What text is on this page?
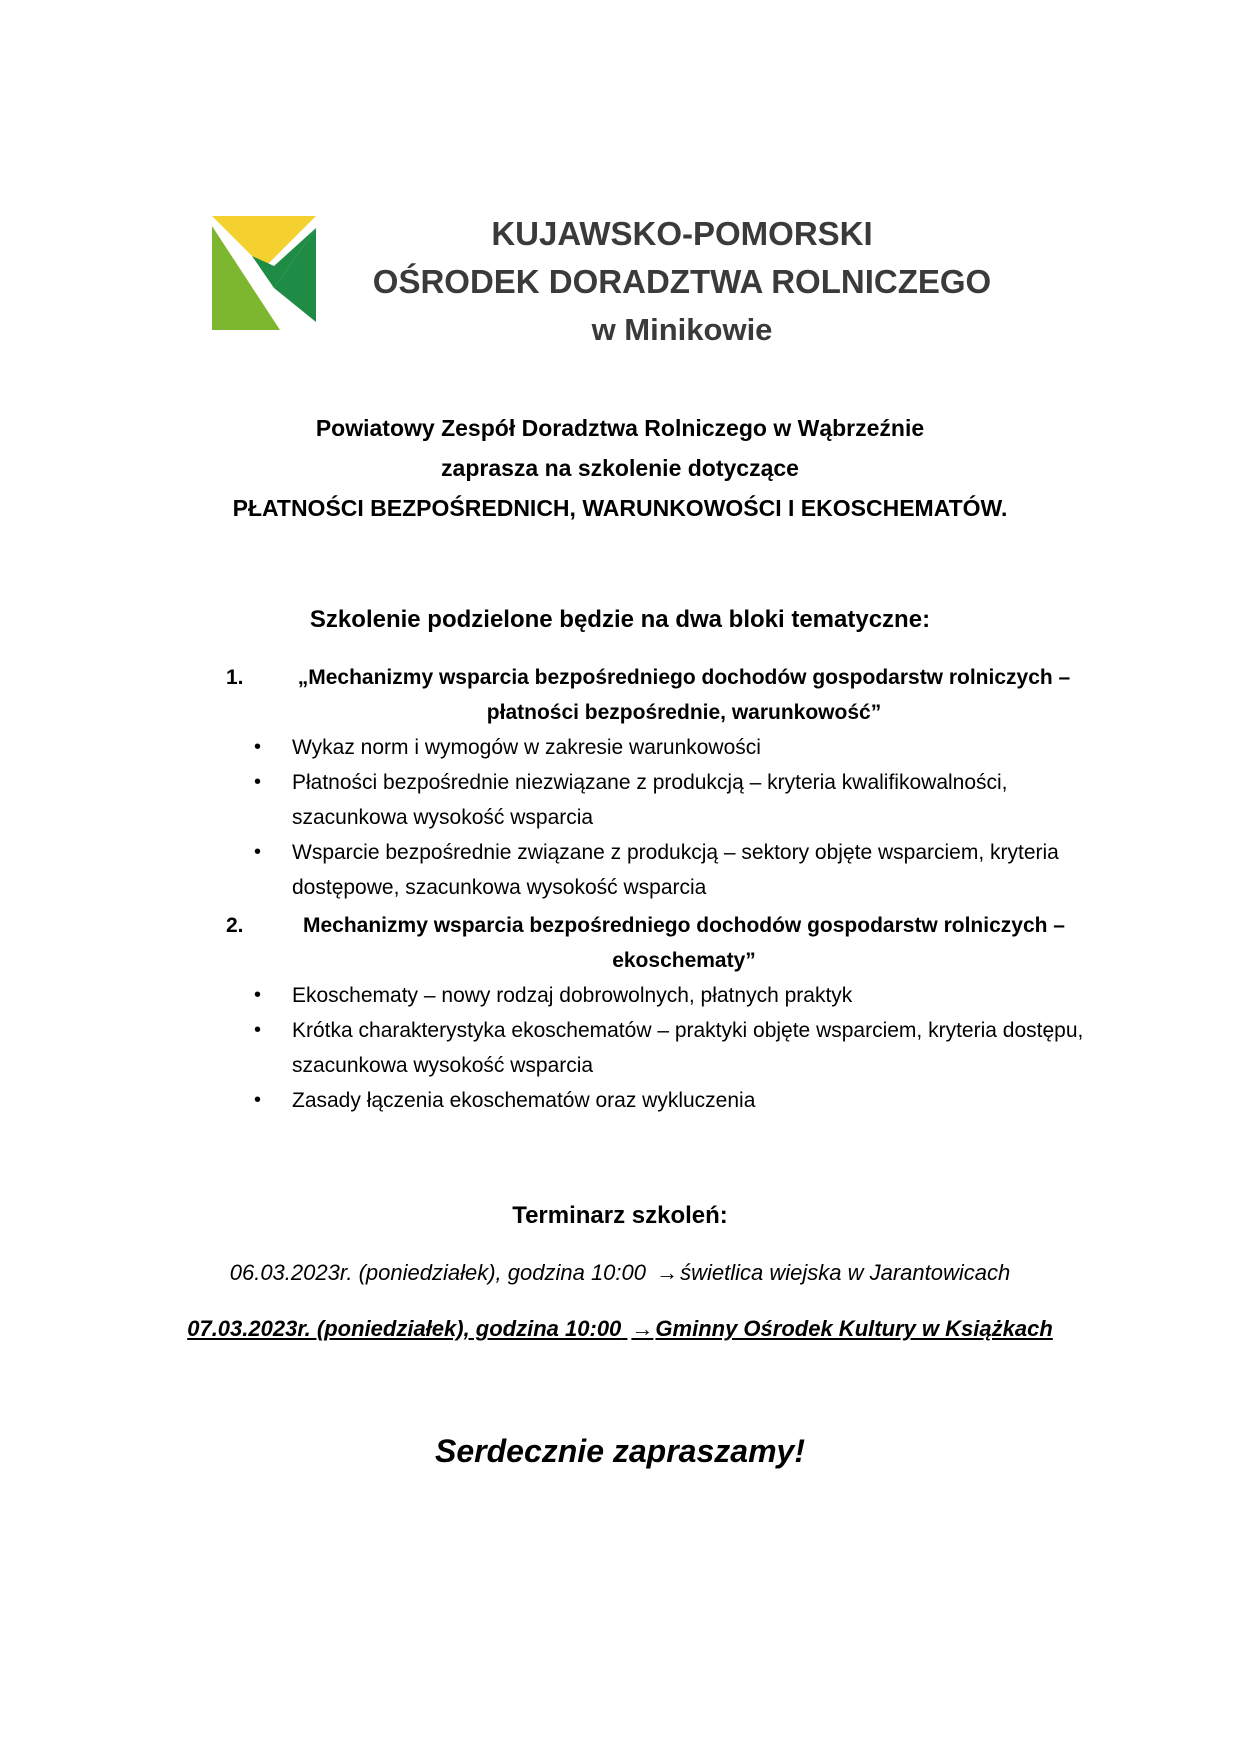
KUJAWSKO-POMORSKI
OŚRODEK DORADZTWA ROLNICZEGO
w Minikowie
Powiatowy Zespół Doradztwa Rolniczego w Wąbrzeźnie
zaprasza na szkolenie dotyczące
PŁATNOŚCI BEZPOŚREDNICH, WARUNKOWOŚCI I EKOSCHEMATÓW.
Szkolenie podzielone będzie na dwa bloki tematyczne:
1.	„Mechanizmy wsparcia bezpośredniego dochodów gospodarstw rolniczych –
płatności bezpośrednie, warunkowość”
• Wykaz norm i wymogów w zakresie warunkowości
• Płatności bezpośrednie niezwiązane z produkcją – kryteria kwalifikowalności, szacunkowa wysokość wsparcia
• Wsparcie bezpośrednie związane z produkcją – sektory objęte wsparciem, kryteria dostępowe, szacunkowa wysokość wsparcia
2.	Mechanizmy wsparcia bezpośredniego dochodów gospodarstw rolniczych –
ekoschematy”
• Ekoschematy – nowy rodzaj dobrowolnych, płatnych praktyk
• Krótka charakterystyka ekoschematów – praktyki objęte wsparciem, kryteria dostępu, szacunkowa wysokość wsparcia
• Zasady łączenia ekoschematów oraz wykluczenia
Terminarz szkoleń:
06.03.2023r. (poniedziałek), godzina 10:00 →świetlica wiejska w Jarantowicach
07.03.2023r. (poniedziałek), godzina 10:00 →Gminny Ośrodek Kultury w Książkach
Serdecznie zapraszamy!
